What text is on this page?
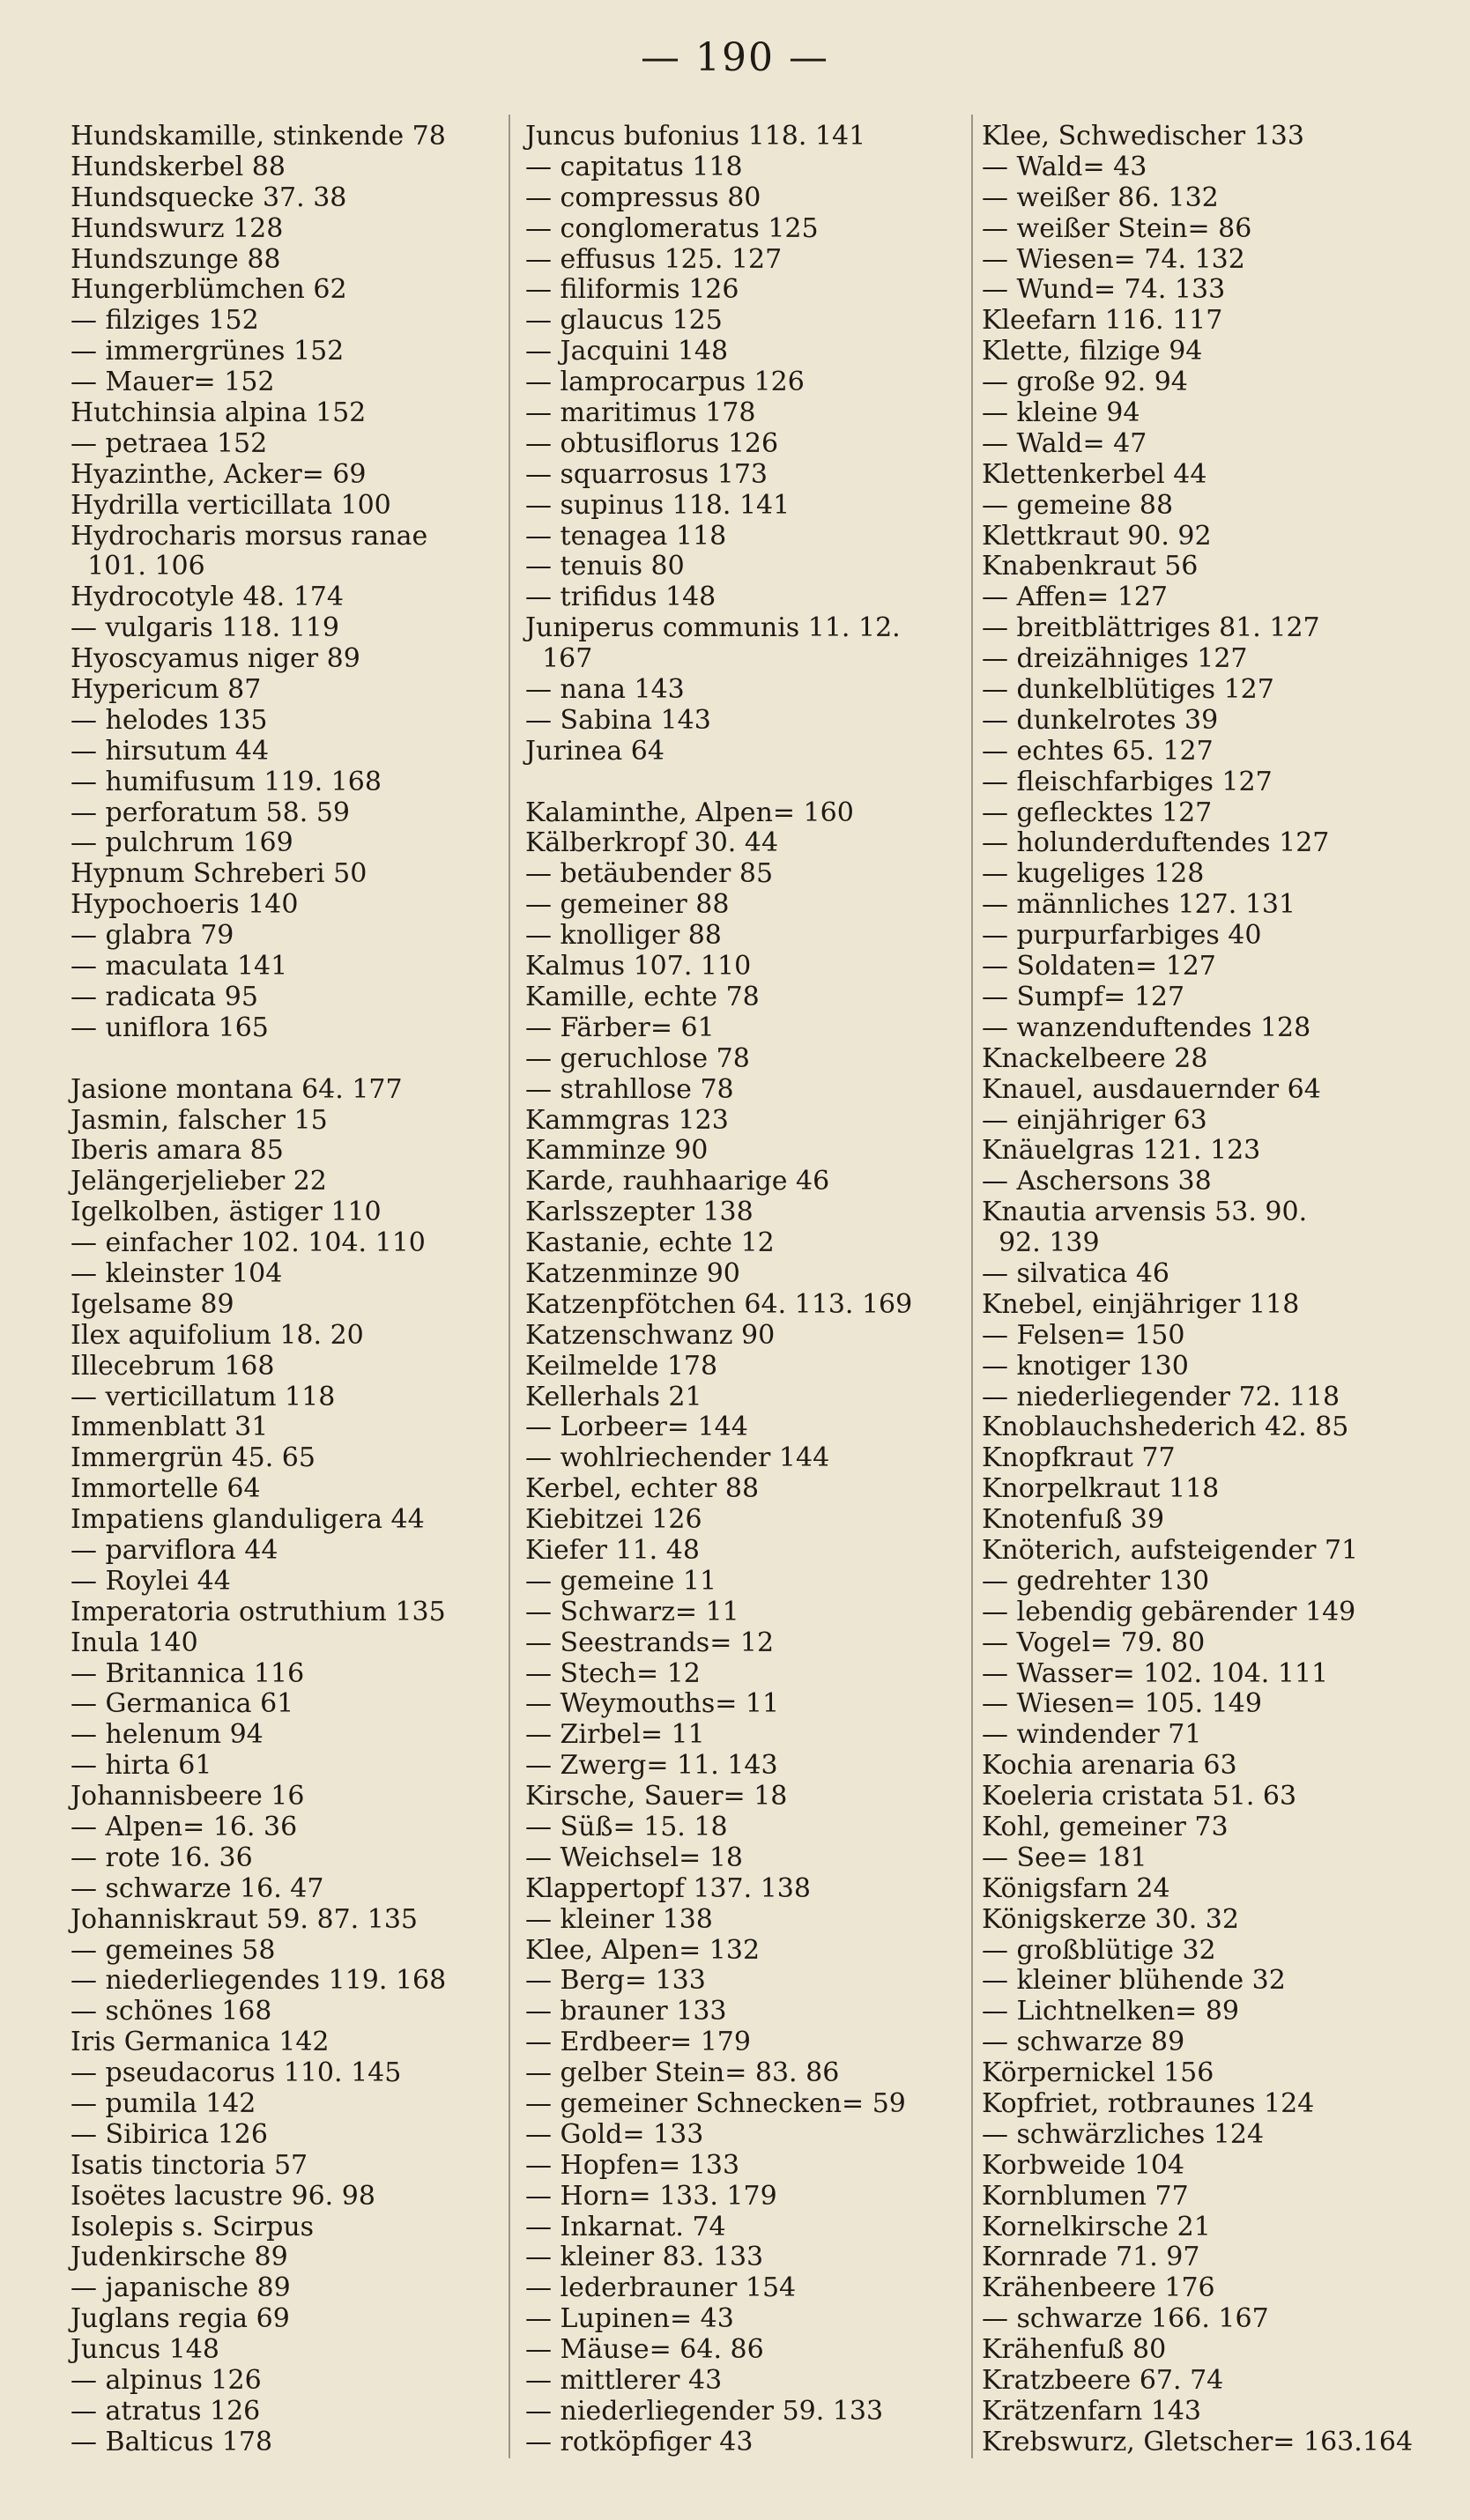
— 190 —
Hundskamille, stinkende 78
Hundskerbel 88
Hundsquecke 37. 38
Hundswurz 128
Hundszunge 88
Hungerblümchen 62
— filziges 152
— immergrünes 152
— Mauer= 152
Hutchinsia alpina 152
— petraea 152
Hyazinthe, Acker= 69
Hydrilla verticillata 100
Hydrocharis morsus ranae
101. 106
Hydrocotyle 48. 174
— vulgaris 118. 119
Hyoscyamus niger 89
Hypericum 87
— helodes 135
— hirsutum 44
— humifusum 119. 168
— perforatum 58. 59
— pulchrum 169
Hypnum Schreberi 50
Hypochoeris 140
— glabra 79
— maculata 141
— radicata 95
— uniflora 165
Jasione montana 64. 177
Jasmin, falscher 15
Iberis amara 85
Jelängerjelieber 22
Igelkolben, ästiger 110
— einfacher 102. 104. 110
— kleinster 104
Igelsame 89
Ilex aquifolium 18. 20
Illecebrum 168
— verticillatum 118
Immenblatt 31
Immergrün 45. 65
Immortelle 64
Impatiens glanduligera 44
— parviflora 44
— Roylei 44
Imperatoria ostruthium 135
Inula 140
— Britannica 116
— Germanica 61
— helenum 94
— hirta 61
Johannisbeere 16
— Alpen= 16. 36
— rote 16. 36
— schwarze 16. 47
Johanniskraut 59. 87. 135
— gemeines 58
— niederliegendes 119. 168
— schönes 168
Iris Germanica 142
— pseudacorus 110. 145
— pumila 142
— Sibirica 126
Isatis tinctoria 57
Isoëtes lacustre 96. 98
Isolepis s. Scirpus
Judenkirsche 89
— japanische 89
Juglans regia 69
Juncus 148
— alpinus 126
— atratus 126
— Balticus 178
Juncus bufonius 118. 141
— capitatus 118
— compressus 80
— conglomeratus 125
— effusus 125. 127
— filiformis 126
— glaucus 125
— Jacquini 148
— lamprocarpus 126
— maritimus 178
— obtusiflorus 126
— squarrosus 173
— supinus 118. 141
— tenagea 118
— tenuis 80
— trifidus 148
Juniperus communis 11. 12.
167
— nana 143
— Sabina 143
Jurinea 64
Kalaminthe, Alpen= 160
Kälberkropf 30. 44
— betäubender 85
— gemeiner 88
— knolliger 88
Kalmus 107. 110
Kamille, echte 78
— Färber= 61
— geruchlose 78
— strahllose 78
Kammgras 123
Kamminze 90
Karde, rauhhaarige 46
Karlsszepter 138
Kastanie, echte 12
Katzenminze 90
Katzenpfötchen 64. 113. 169
Katzenschwanz 90
Keilmelde 178
Kellerhals 21
— Lorbeer= 144
— wohlriechender 144
Kerbel, echter 88
Kiebitzei 126
Kiefer 11. 48
— gemeine 11
— Schwarz= 11
— Seestrands= 12
— Stech= 12
— Weymouths= 11
— Zirbel= 11
— Zwerg= 11. 143
Kirsche, Sauer= 18
— Süß= 15. 18
— Weichsel= 18
Klappertopf 137. 138
— kleiner 138
Klee, Alpen= 132
— Berg= 133
— brauner 133
— Erdbeer= 179
— gelber Stein= 83. 86
— gemeiner Schnecken= 59
— Gold= 133
— Hopfen= 133
— Horn= 133. 179
— Inkarnat. 74
— kleiner 83. 133
— lederbrauner 154
— Lupinen= 43
— Mäuse= 64. 86
— mittlerer 43
— niederliegender 59. 133
— rotköpfiger 43
Klee, Schwedischer 133
— Wald= 43
— weißer 86. 132
— weißer Stein= 86
— Wiesen= 74. 132
— Wund= 74. 133
Kleefarn 116. 117
Klette, filzige 94
— große 92. 94
— kleine 94
— Wald= 47
Klettenkerbel 44
— gemeine 88
Klettkraut 90. 92
Knabenkraut 56
— Affen= 127
— breitblättriges 81. 127
— dreizähniges 127
— dunkelblütiges 127
— dunkelrotes 39
— echtes 65. 127
— fleischfarbiges 127
— geflecktes 127
— holunderduftendes 127
— kugeliges 128
— männliches 127. 131
— purpurfarbiges 40
— Soldaten= 127
— Sumpf= 127
— wanzenduftendes 128
Knackelbeere 28
Knauel, ausdauernder 64
— einjähriger 63
Knäuelgras 121. 123
— Aschersons 38
Knautia arvensis 53. 90.
92. 139
— silvatica 46
Knebel, einjähriger 118
— Felsen= 150
— knotiger 130
— niederliegender 72. 118
Knoblauchshederich 42. 85
Knopfkraut 77
Knorpelkraut 118
Knotenfuß 39
Knöterich, aufsteigender 71
— gedrehter 130
— lebendig gebärender 149
— Vogel= 79. 80
— Wasser= 102. 104. 111
— Wiesen= 105. 149
— windender 71
Kochia arenaria 63
Koeleria cristata 51. 63
Kohl, gemeiner 73
— See= 181
Königsfarn 24
Königskerze 30. 32
— großblütige 32
— kleiner blühende 32
— Lichtnelken= 89
— schwarze 89
Körpernickel 156
Kopfriet, rotbraunes 124
— schwärzliches 124
Korbweide 104
Kornblumen 77
Kornelkirsche 21
Kornrade 71. 97
Krähenbeere 176
— schwarze 166. 167
Krähenfuß 80
Kratzbeere 67. 74
Krätzenfarn 143
Krebswurz, Gletscher= 163.164
